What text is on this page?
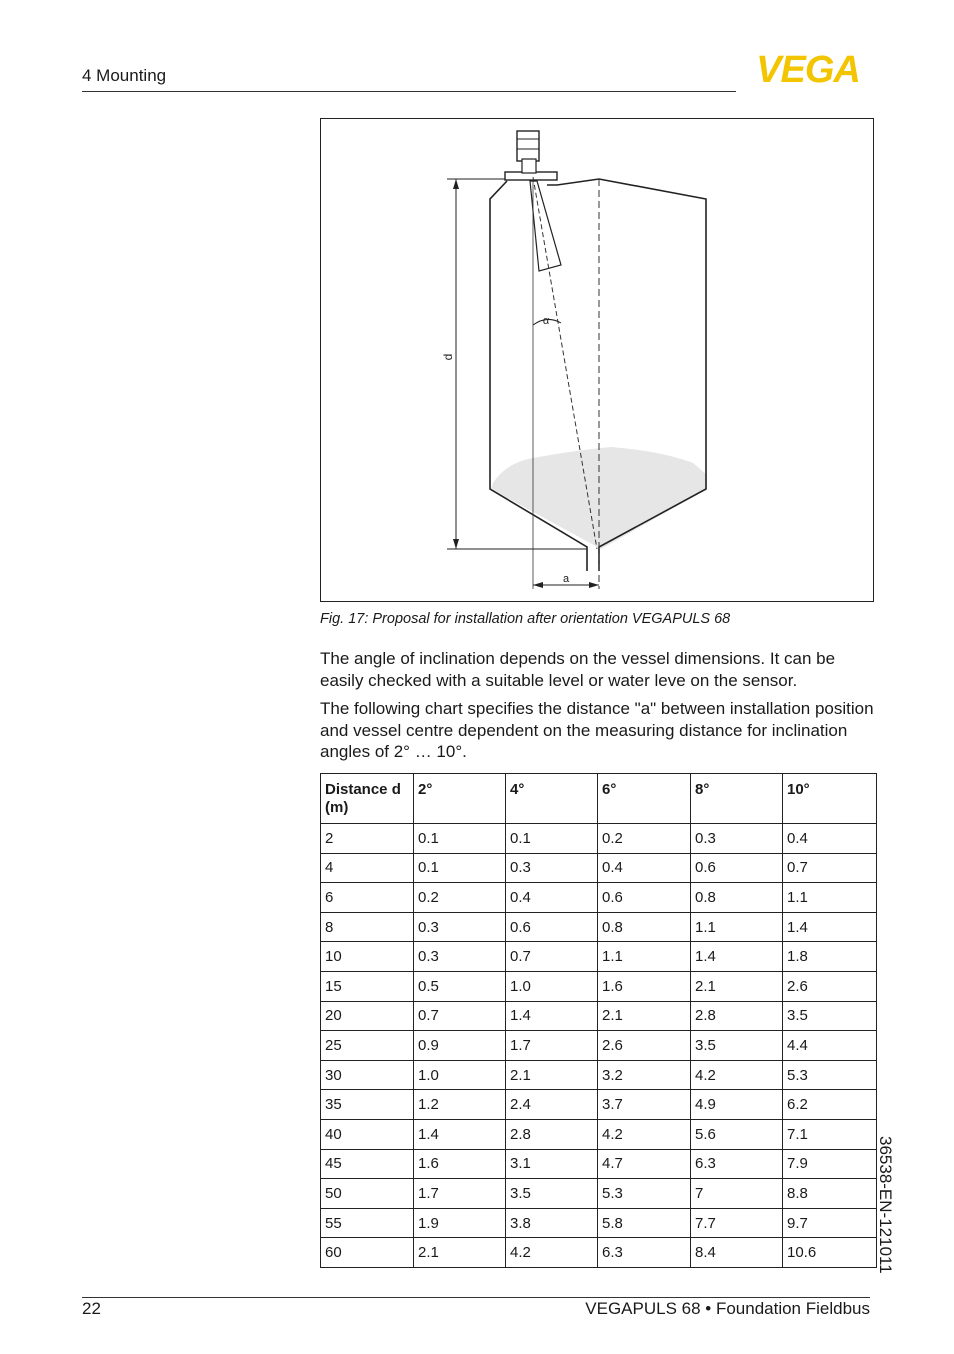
4 Mounting	VEGA
α
d
a
Fig. 17: Proposal for installation after orientation VEGAPULS 68

The angle of inclination depends on the vessel dimensions. It can be easily checked with a suitable level or water leve on the sensor.

The following chart specifies the distance "a" between installation position and vessel centre dependent on the measuring distance for inclination angles of 2° … 10°.

Distance d (m)	2°	4°	6°	8°	10°
2	0.1	0.1	0.2	0.3	0.4
4	0.1	0.3	0.4	0.6	0.7
6	0.2	0.4	0.6	0.8	1.1
8	0.3	0.6	0.8	1.1	1.4
10	0.3	0.7	1.1	1.4	1.8
15	0.5	1.0	1.6	2.1	2.6
20	0.7	1.4	2.1	2.8	3.5
25	0.9	1.7	2.6	3.5	4.4
30	1.0	2.1	3.2	4.2	5.3
35	1.2	2.4	3.7	4.9	6.2
40	1.4	2.8	4.2	5.6	7.1
45	1.6	3.1	4.7	6.3	7.9
50	1.7	3.5	5.3	7	8.8
55	1.9	3.8	5.8	7.7	9.7
60	2.1	4.2	6.3	8.4	10.6	36538-EN-121011
22	VEGAPULS 68 • Foundation Fieldbus
